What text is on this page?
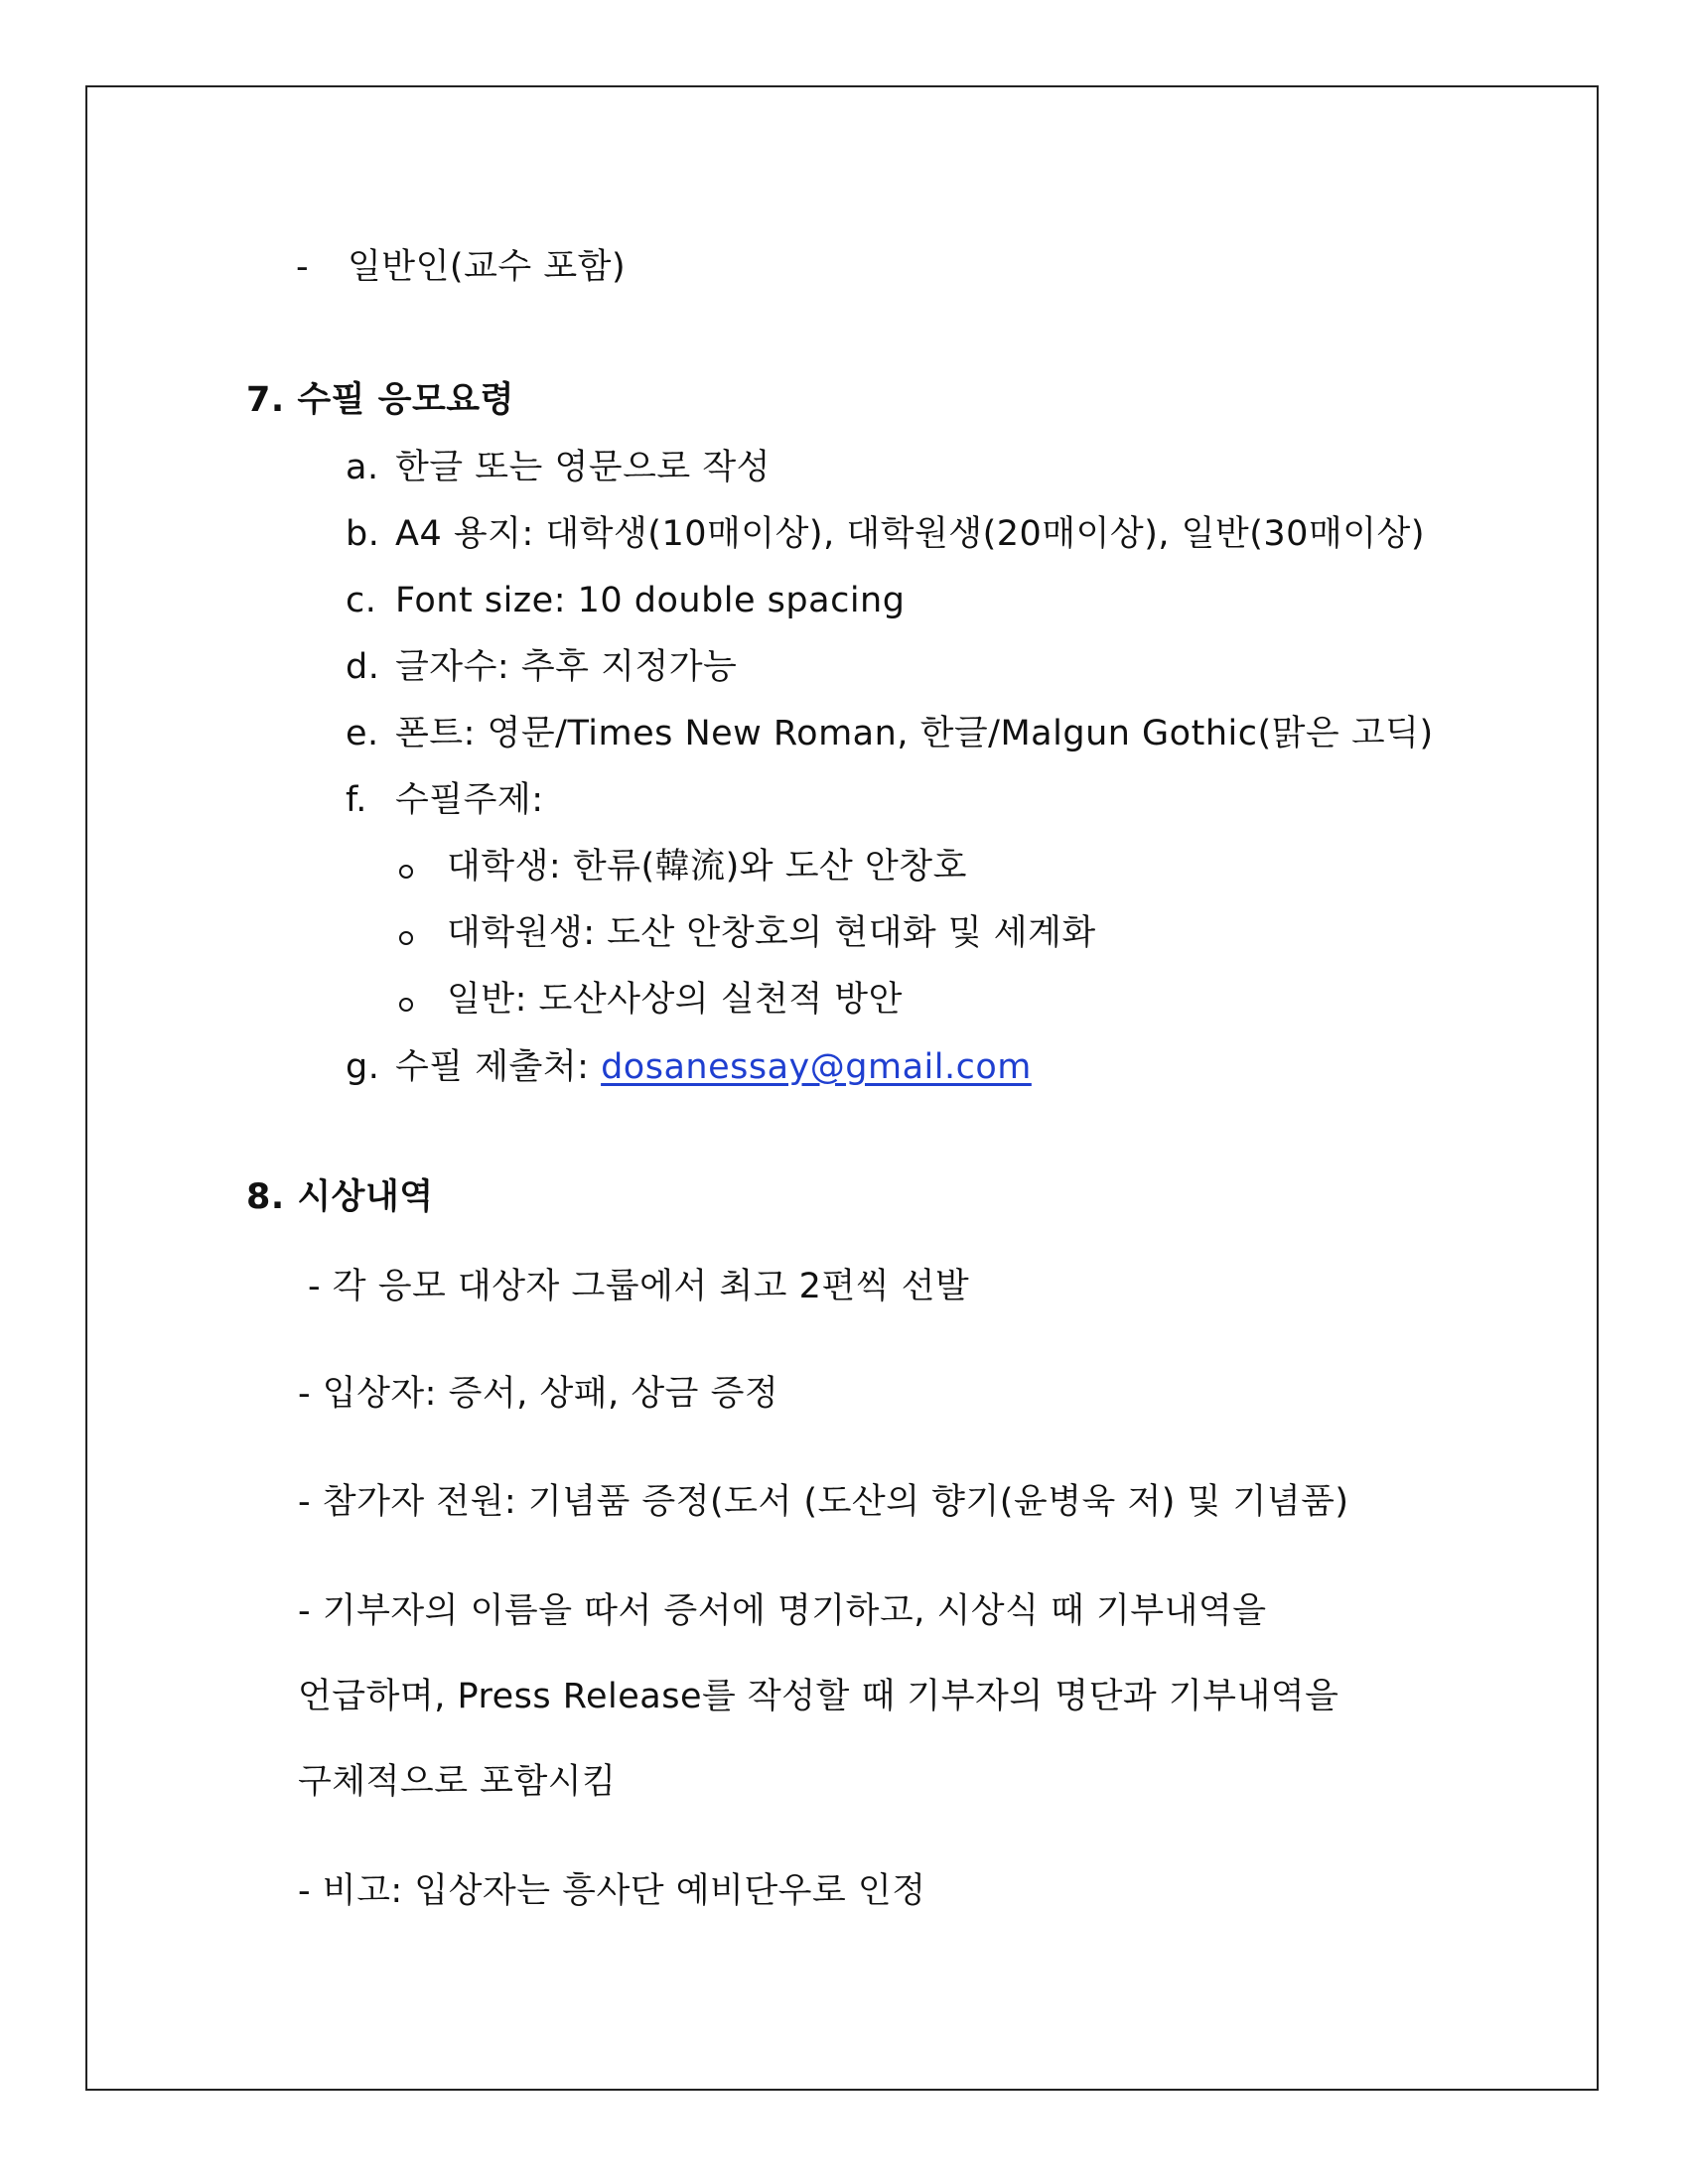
- 일반인(교수 포함)
7. 수필 응모요령
a. 한글 또는 영문으로 작성
b. A4 용지: 대학생(10매이상), 대학원생(20매이상), 일반(30매이상)
c. Font size: 10 double spacing
d. 글자수: 추후 지정가능
e. 폰트: 영문/Times New Roman, 한글/Malgun Gothic(맑은 고딕)
f. 수필주제:
대학생: 한류(韓流)와 도산 안창호
대학원생: 도산 안창호의 현대화 및 세계화
일반: 도산사상의 실천적 방안
g. 수필 제출처: dosanessay@gmail.com
8. 시상내역
- 각 응모 대상자 그룹에서 최고 2편씩 선발
- 입상자: 증서, 상패, 상금 증정
- 참가자 전원: 기념품 증정(도서 (도산의 향기(윤병욱 저) 및 기념품)
- 기부자의 이름을 따서 증서에 명기하고, 시상식 때 기부내역을
언급하며, Press Release를 작성할 때 기부자의 명단과 기부내역을
구체적으로 포함시킴
- 비고: 입상자는 흥사단 예비단우로 인정
